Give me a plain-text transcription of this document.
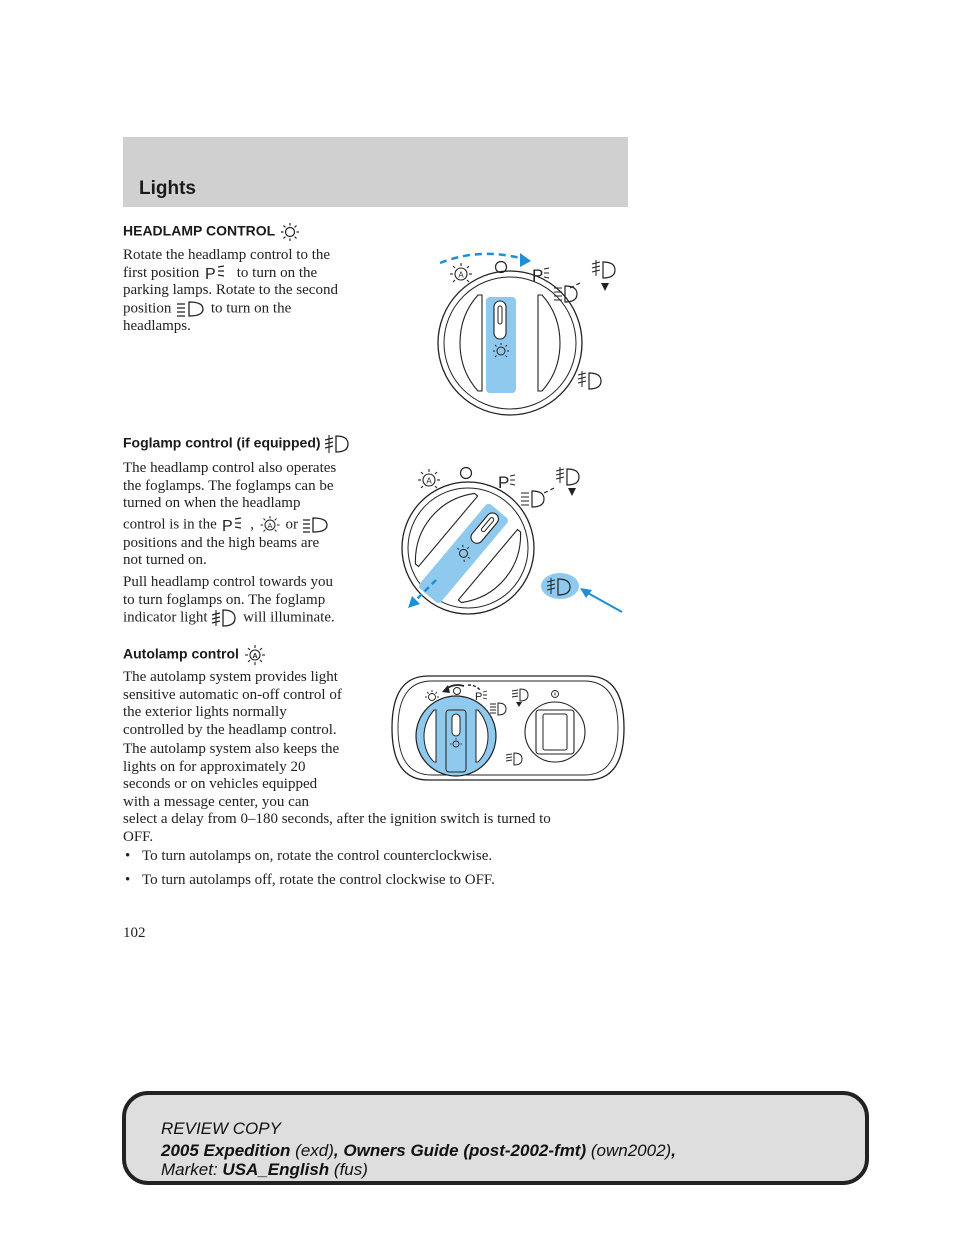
Lights
HEADLAMP CONTROL
Rotate the headlamp control to the
first position P to turn on the
parking lamps. Rotate to the second
position	to turn on the
headlamps.
A	P
Foglamp control (if equipped)
The headlamp control also operates
the foglamps. The foglamps can be
turned on when the headlamp
control is in the P , A or
positions and the high beams are
not turned on.
Pull headlamp control towards you
to turn foglamps on. The foglamp
indicator light will illuminate.
A	P
Autolamp control A
The autolamp system provides light
sensitive automatic on-off control of
the exterior lights normally
controlled by the headlamp control.
The autolamp system also keeps the
lights on for approximately 20
seconds or on vehicles equipped
with a message center, you can
select a delay from 0–180 seconds, after the ignition switch is turned to
OFF.
P
• To turn autolamps on, rotate the control counterclockwise.
• To turn autolamps off, rotate the control clockwise to OFF.
102
REVIEW COPY
2005 Expedition (exd), Owners Guide (post-2002-fmt) (own2002),
Market: USA_English (fus)
